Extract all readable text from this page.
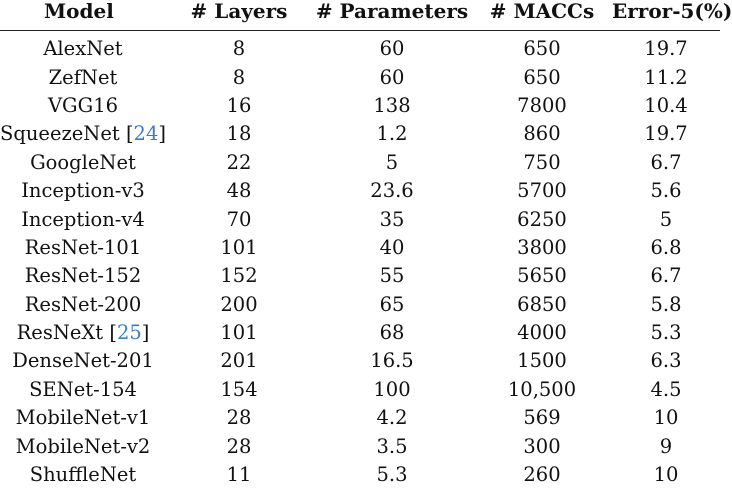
Model	# Layers	# Parameters	# MACCs	Error-5(%)
AlexNet	8	60	650	19.7
ZefNet	8	60	650	11.2
VGG16	16	138	7800	10.4
SqueezeNet [24]	18	1.2	860	19.7
GoogleNet	22	5	750	6.7
Inception-v3	48	23.6	5700	5.6
Inception-v4	70	35	6250	5
ResNet-101	101	40	3800	6.8
ResNet-152	152	55	5650	6.7
ResNet-200	200	65	6850	5.8
ResNeXt [25]	101	68	4000	5.3
DenseNet-201	201	16.5	1500	6.3
SENet-154	154	100	10,500	4.5
MobileNet-v1	28	4.2	569	10
MobileNet-v2	28	3.5	300	9
ShuffleNet	11	5.3	260	10
